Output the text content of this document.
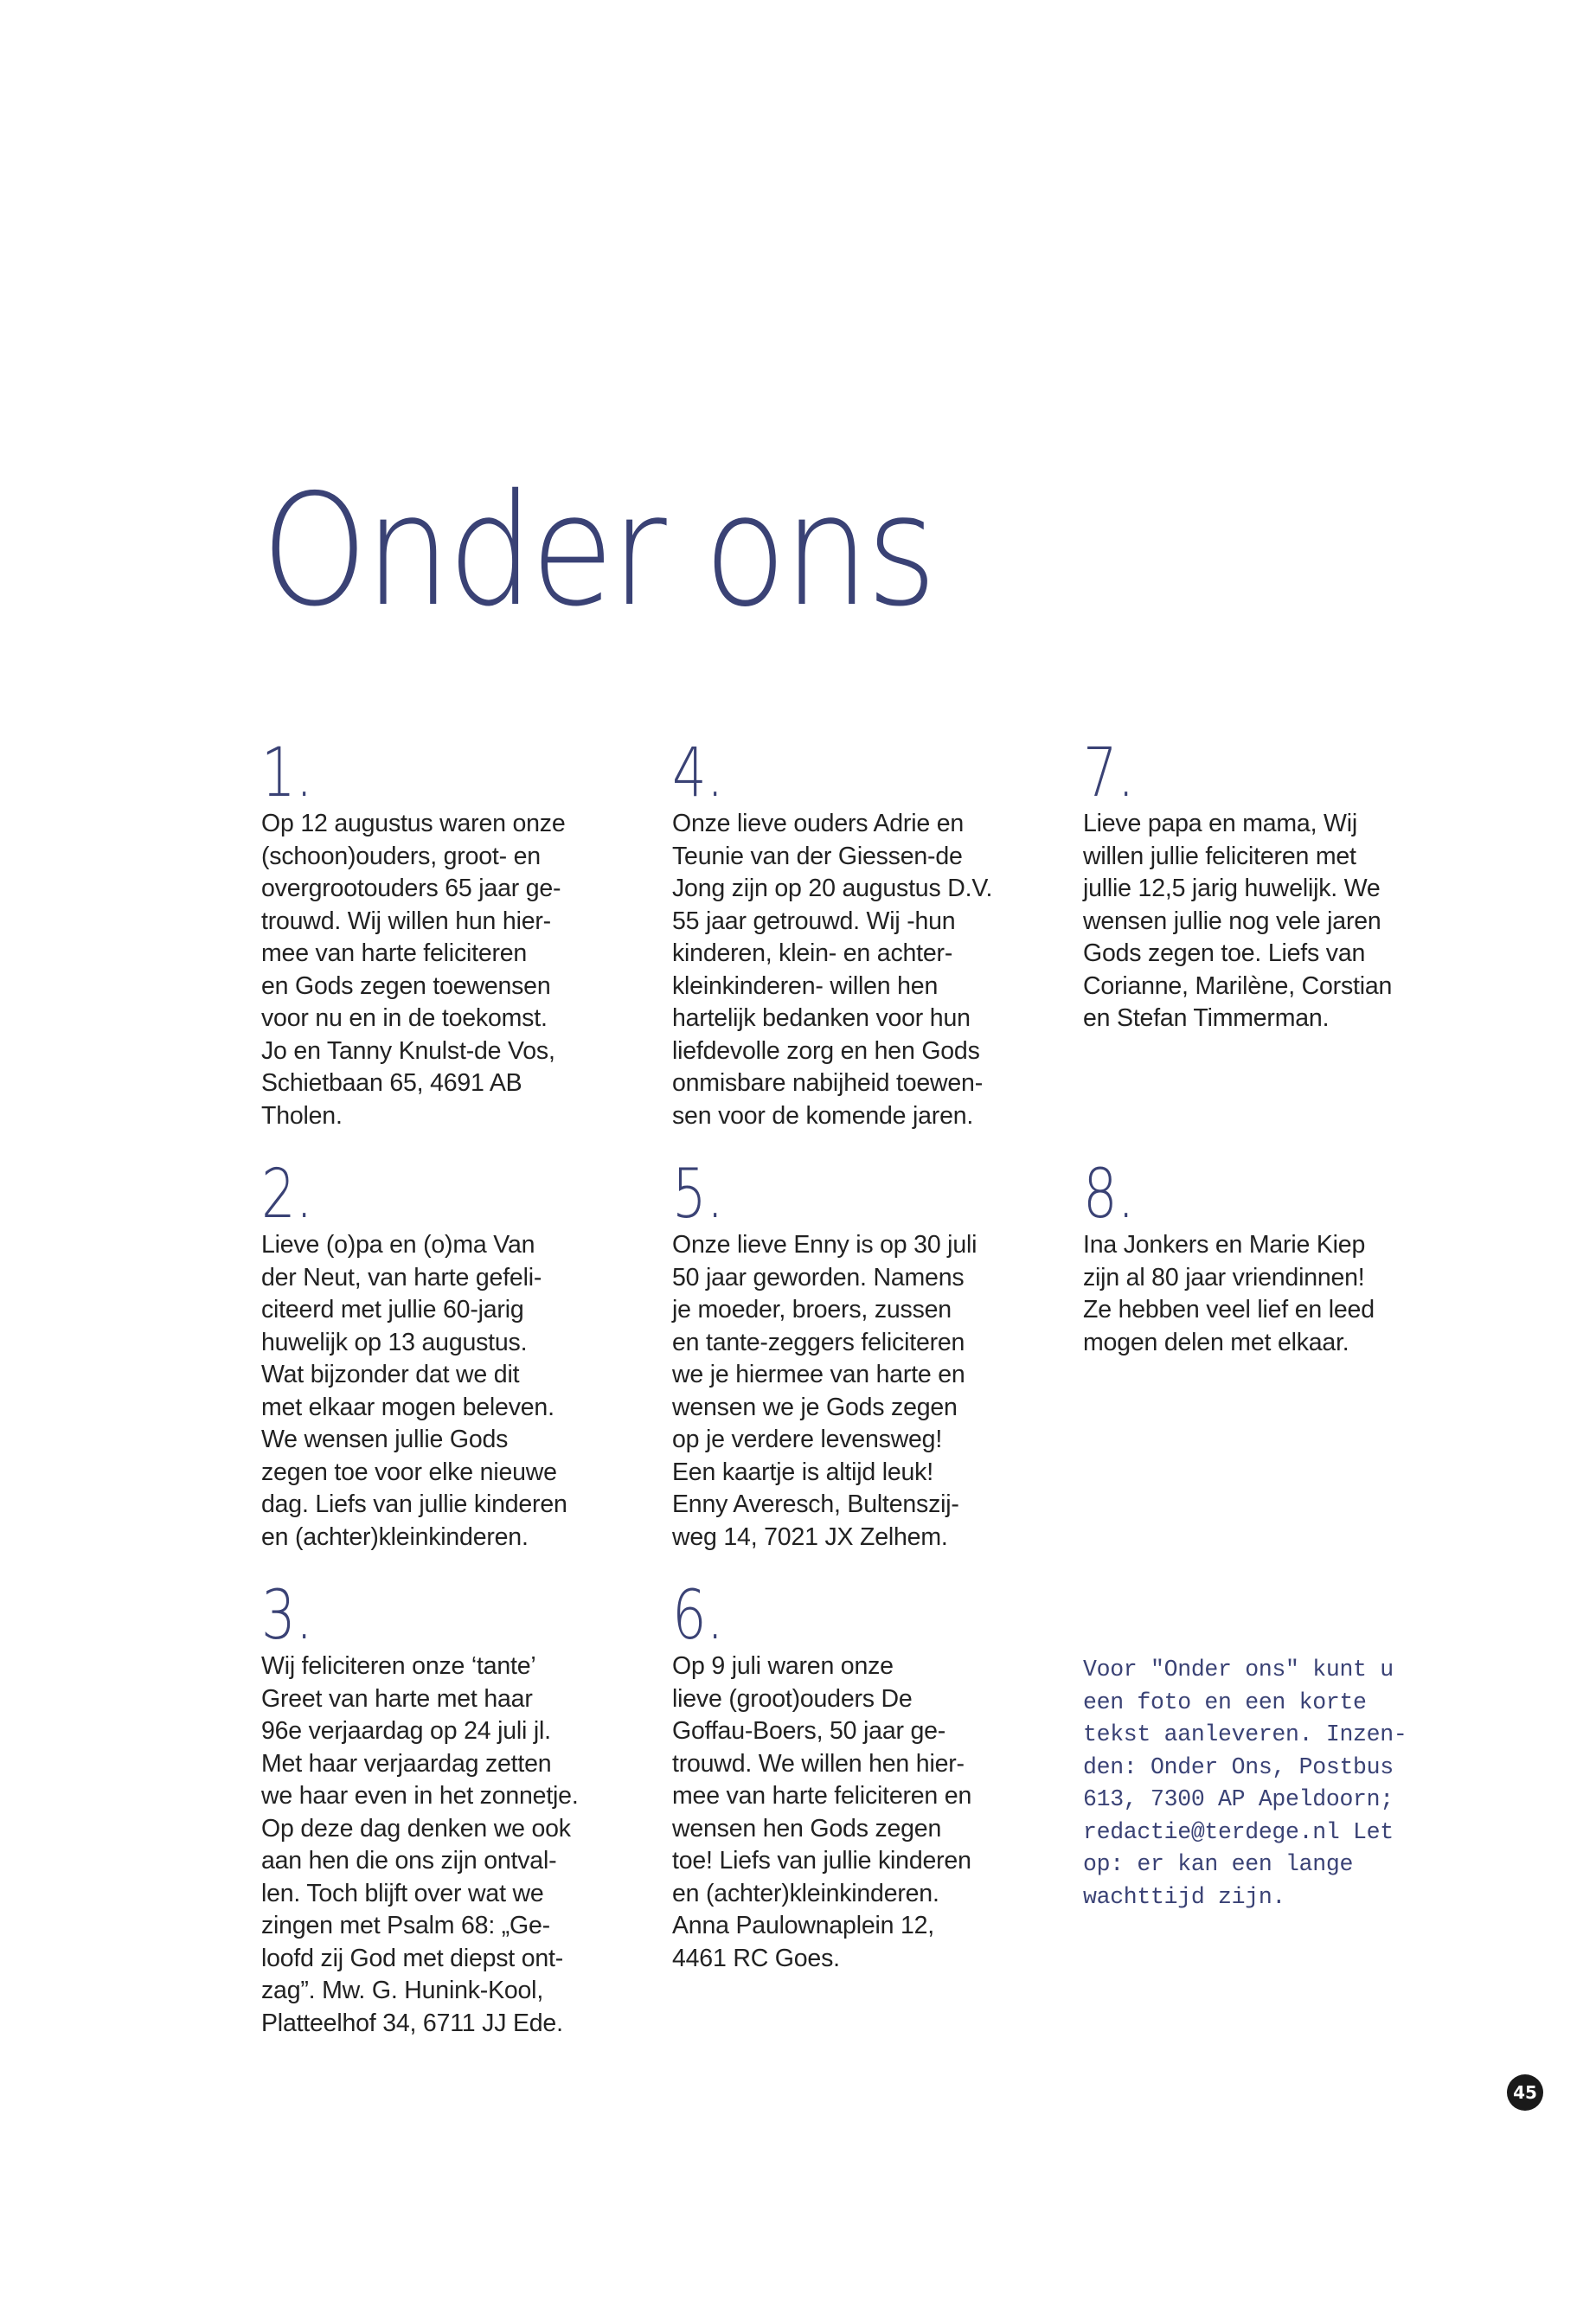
Onder ons
1.

Op 12 augustus waren onze
(schoon)ouders, groot- en
overgrootouders 65 jaar ge-
trouwd. Wij willen hun hier-
mee van harte feliciteren
en Gods zegen toewensen
voor nu en in de toekomst.
Jo en Tanny Knulst-de Vos,
Schietbaan 65, 4691 AB
Tholen.

2.

Lieve (o)pa en (o)ma Van
der Neut, van harte gefeli-
citeerd met jullie 60-jarig
huwelijk op 13 augustus.
Wat bijzonder dat we dit
met elkaar mogen beleven.
We wensen jullie Gods
zegen toe voor elke nieuwe
dag. Liefs van jullie kinderen
en (achter)kleinkinderen.

3.

Wij feliciteren onze ‘tante’
Greet van harte met haar
96e verjaardag op 24 juli jl.
Met haar verjaardag zetten
we haar even in het zonnetje.
Op deze dag denken we ook
aan hen die ons zijn ontval-
len. Toch blijft over wat we
zingen met Psalm 68: „Ge-
loofd zij God met diepst ont-
zag”. Mw. G. Hunink-Kool,
Platteelhof 34, 6711 JJ Ede.

4.

Onze lieve ouders Adrie en
Teunie van der Giessen-de
Jong zijn op 20 augustus D.V.
55 jaar getrouwd. Wij -hun
kinderen, klein- en achter-
kleinkinderen- willen hen
hartelijk bedanken voor hun
liefdevolle zorg en hen Gods
onmisbare nabijheid toewen-
sen voor de komende jaren.

5.

Onze lieve Enny is op 30 juli
50 jaar geworden. Namens
je moeder, broers, zussen
en tante-zeggers feliciteren
we je hiermee van harte en
wensen we je Gods zegen
op je verdere levensweg!
Een kaartje is altijd leuk!
Enny Averesch, Bultenszij-
weg 14, 7021 JX Zelhem.

6.

Op 9 juli waren onze
lieve (groot)ouders De
Goffau-Boers, 50 jaar ge-
trouwd. We willen hen hier-
mee van harte feliciteren en
wensen hen Gods zegen
toe! Liefs van jullie kinderen
en (achter)kleinkinderen.
Anna Paulownaplein 12,
4461 RC Goes.

7.

Lieve papa en mama, Wij
willen jullie feliciteren met
jullie 12,5 jarig huwelijk. We
wensen jullie nog vele jaren
Gods zegen toe. Liefs van
Corianne, Marilène, Corstian
en Stefan Timmerman.

8.

Ina Jonkers en Marie Kiep
zijn al 80 jaar vriendinnen!
Ze hebben veel lief en leed
mogen delen met elkaar.

Voor "Onder ons" kunt u
een foto en een korte
tekst aanleveren. Inzen-
den: Onder Ons, Postbus
613, 7300 AP Apeldoorn;
redactie@terdege.nl Let
op: er kan een lange
wachttijd zijn.

45
